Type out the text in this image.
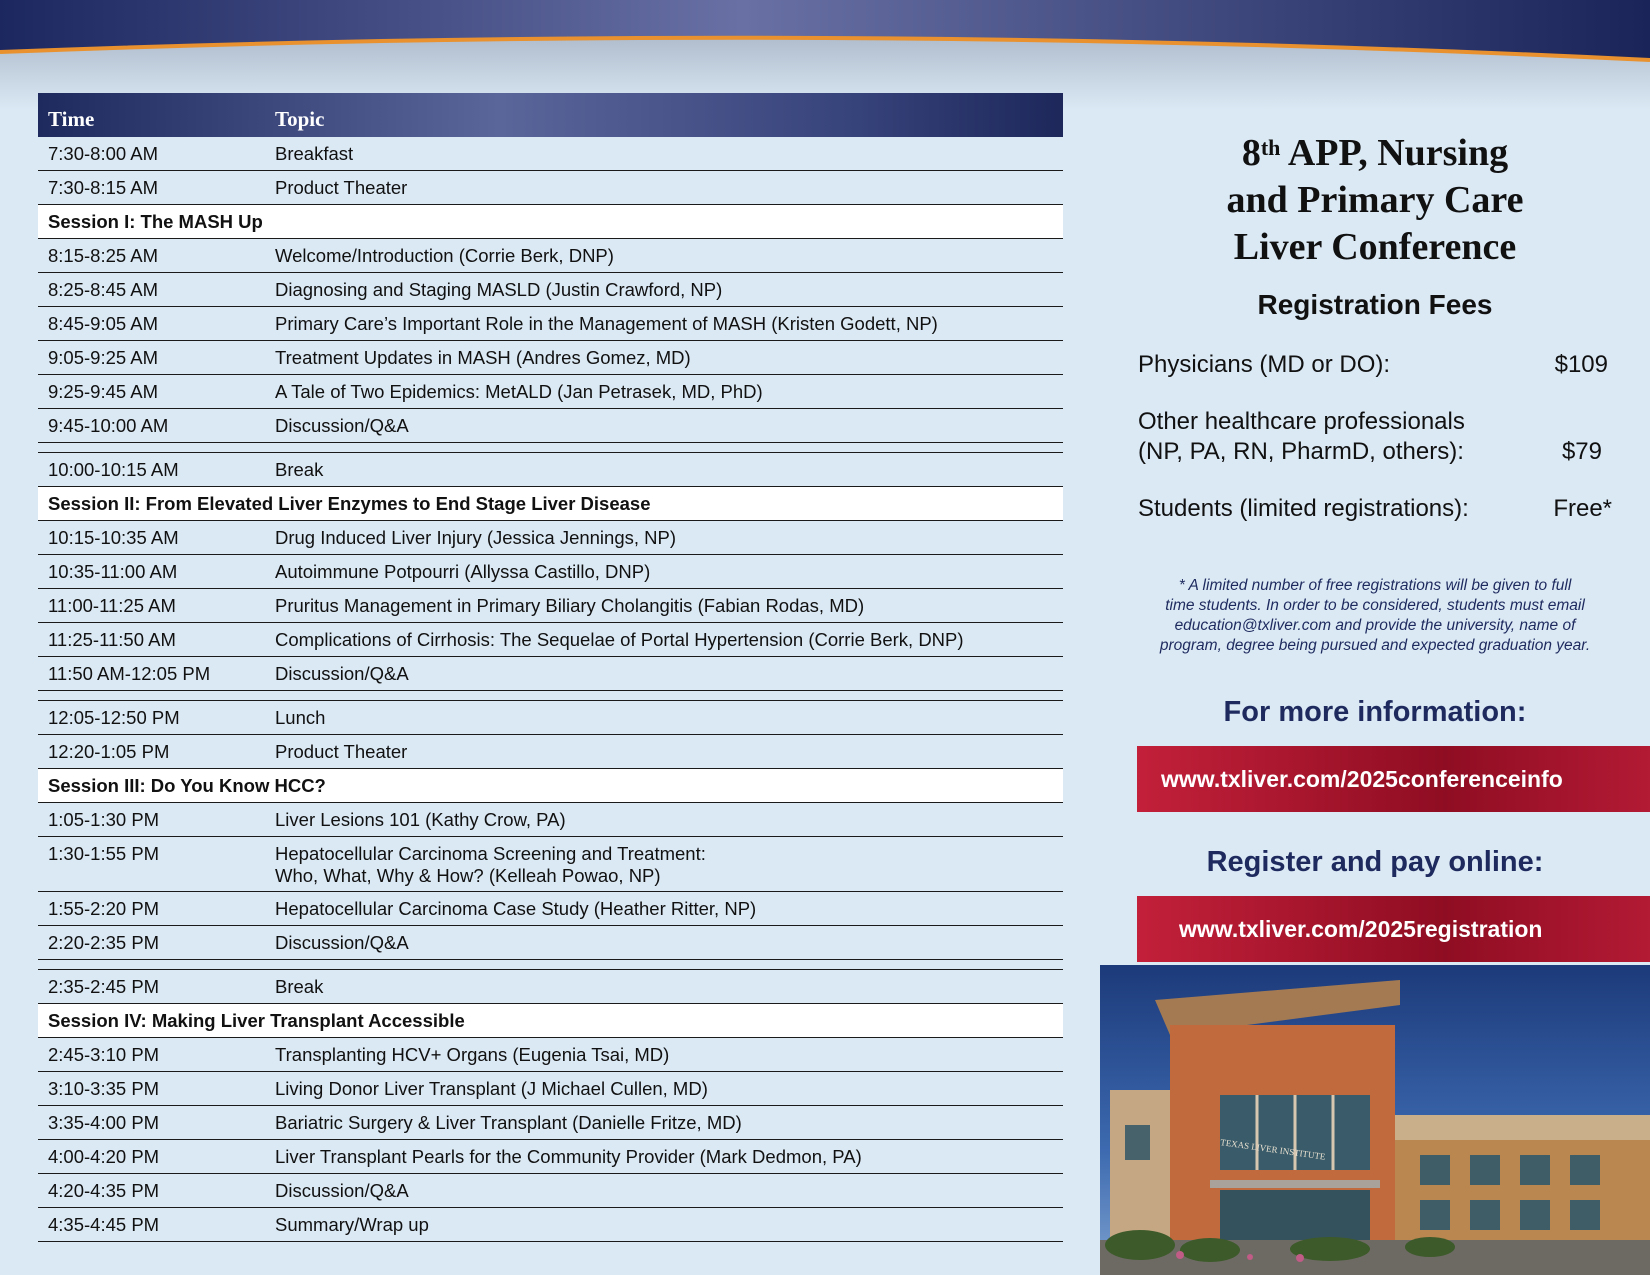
Time	Topic
7:30-8:00 AM	Breakfast
7:30-8:15 AM	Product Theater
Session I: The MASH Up
8:15-8:25 AM	Welcome/Introduction (Corrie Berk, DNP)
8:25-8:45 AM	Diagnosing and Staging MASLD (Justin Crawford, NP)
8:45-9:05 AM	Primary Care’s Important Role in the Management of MASH (Kristen Godett, NP)
9:05-9:25 AM	Treatment Updates in MASH (Andres Gomez, MD)
9:25-9:45 AM	A Tale of Two Epidemics: MetALD (Jan Petrasek, MD, PhD)
9:45-10:00 AM	Discussion/Q&A
10:00-10:15 AM	Break
Session II: From Elevated Liver Enzymes to End Stage Liver Disease
10:15-10:35 AM	Drug Induced Liver Injury (Jessica Jennings, NP)
10:35-11:00 AM	Autoimmune Potpourri (Allyssa Castillo, DNP)
11:00-11:25 AM	Pruritus Management in Primary Biliary Cholangitis (Fabian Rodas, MD)
11:25-11:50 AM	Complications of Cirrhosis: The Sequelae of Portal Hypertension (Corrie Berk, DNP)
11:50 AM-12:05 PM	Discussion/Q&A
12:05-12:50 PM	Lunch
12:20-1:05 PM	Product Theater
Session III: Do You Know HCC?
1:05-1:30 PM	Liver Lesions 101 (Kathy Crow, PA)
1:30-1:55 PM	Hepatocellular Carcinoma Screening and Treatment:
Who, What, Why & How? (Kelleah Powao, NP)
1:55-2:20 PM	Hepatocellular Carcinoma Case Study (Heather Ritter, NP)
2:20-2:35 PM	Discussion/Q&A
2:35-2:45 PM	Break
Session IV: Making Liver Transplant Accessible
2:45-3:10 PM	Transplanting HCV+ Organs (Eugenia Tsai, MD)
3:10-3:35 PM	Living Donor Liver Transplant (J Michael Cullen, MD)
3:35-4:00 PM	Bariatric Surgery & Liver Transplant (Danielle Fritze, MD)
4:00-4:20 PM	Liver Transplant Pearls for the Community Provider (Mark Dedmon, PA)
4:20-4:35 PM	Discussion/Q&A
4:35-4:45 PM	Summary/Wrap up
8th APP, Nursing
and Primary Care
Liver Conference
Registration Fees
Physicians (MD or DO):	$109
Other healthcare professionals
(NP, PA, RN, PharmD, others):	$79
Students (limited registrations):	Free*
* A limited number of free registrations will be given to full
time students. In order to be considered, students must email
education@txliver.com and provide the university, name of
program, degree being pursued and expected graduation year.
For more information:
www.txliver.com/2025conferenceinfo
Register and pay online:
www.txliver.com/2025registration
TEXAS LIVER INSTITUTE
